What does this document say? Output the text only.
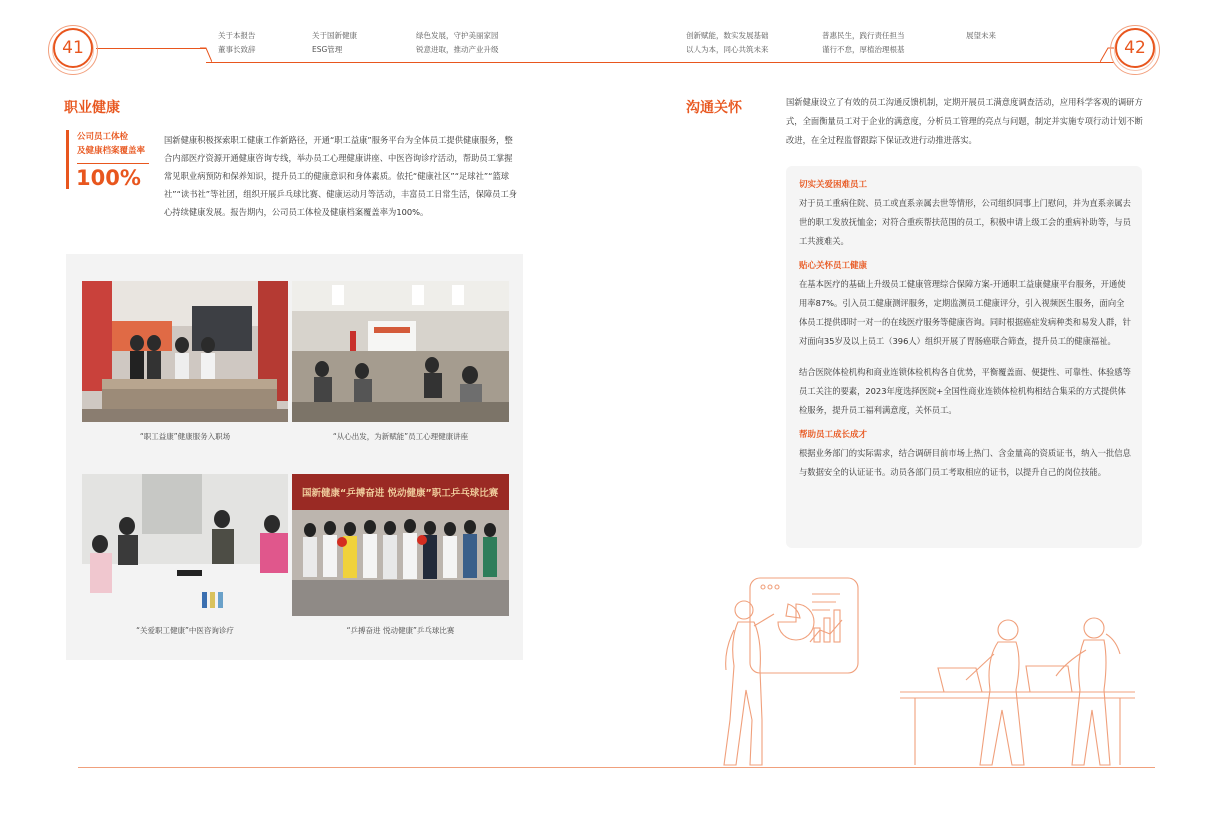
41	42
关于本报告
董事长致辞
关于国新健康
ESG管理
绿色发展，守护美丽家园
锐意进取，推动产业升级
创新赋能，数实发展基础
以人为本，同心共筑未来
普惠民生，践行责任担当
谨行不怠，厚植治理根基
展望未来
职业健康
公司员工体检
及健康档案覆盖率
100%
国新健康积极探索职工健康工作新路径，开通“职工益康”服务平台为全体员工提供健康服务，整合内部医疗资源开通健康咨询专线，举办员工心理健康讲座、中医咨询诊疗活动，帮助员工掌握常见职业病预防和保养知识，提升员工的健康意识和身体素质。依托“健康社区”“足球社”“篮球社”“读书社”等社团，组织开展乒乓球比赛、健康运动月等活动，丰富员工日常生活，保障员工身心持续健康发展。报告期内，公司员工体检及健康档案覆盖率为100%。
“职工益康”健康服务入职场	“从心出发，为新赋能”员工心理健康讲座
“关爱职工健康”中医咨询诊疗
国新健康“乒搏奋进 悦动健康”职工乒乓球比赛
“乒搏奋进 悦动健康”乒乓球比赛
沟通关怀	国新健康设立了有效的员工沟通反馈机制，定期开展员工满意度调查活动，应用科学客观的调研方式，全面衡量员工对于企业的满意度，分析员工管理的亮点与问题，制定并实施专项行动计划不断改进，在全过程监督跟踪下保证改进行动推进落实。

切实关爱困难员工

对于员工重病住院、员工或直系亲属去世等情形，公司组织同事上门慰问，并为直系亲属去世的职工发放抚恤金；对符合重疾帮扶范围的员工，积极申请上级工会的重病补助等，与员工共渡难关。

贴心关怀员工健康

在基本医疗的基础上升级员工健康管理综合保障方案-开通职工益康健康平台服务，开通使用率87%。引入员工健康测评服务，定期监测员工健康评分，引入视频医生服务，面向全体员工提供即时一对一的在线医疗服务等健康咨询。同时根据癌症发病种类和易发人群，针对面向35岁及以上员工（396人）组织开展了胃肠癌联合筛查，提升员工的健康福祉。

结合医院体检机构和商业连锁体检机构各自优势，平衡覆盖面、便捷性、可靠性、体验感等员工关注的要素，2023年度选择医院+全国性商业连锁体检机构相结合集采的方式提供体检服务，提升员工福利满意度，关怀员工。

帮助员工成长成才

根据业务部门的实际需求，结合调研目前市场上热门、含金量高的资质证书，纳入一批信息与数据安全的认证证书。动员各部门员工考取相应的证书，以提升自己的岗位技能。
